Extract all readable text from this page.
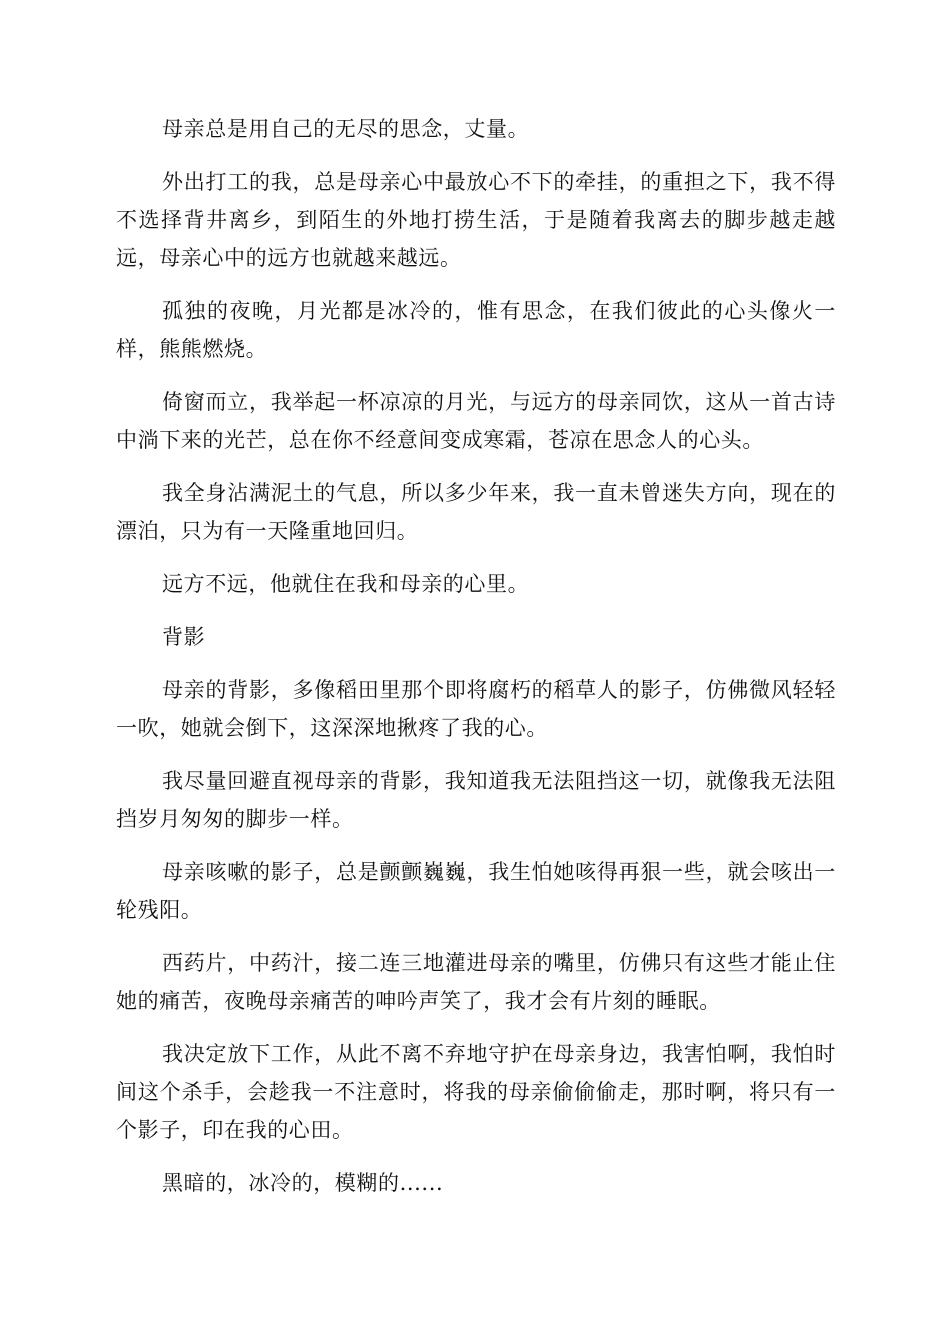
母亲总是用自己的无尽的思念，丈量。

外出打工的我，总是母亲心中最放心不下的牵挂，的重担之下，我不得不选择背井离乡，到陌生的外地打捞生活，于是随着我离去的脚步越走越远，母亲心中的远方也就越来越远。

孤独的夜晚，月光都是冰冷的，惟有思念，在我们彼此的心头像火一样，熊熊燃烧。

倚窗而立，我举起一杯凉凉的月光，与远方的母亲同饮，这从一首古诗中淌下来的光芒，总在你不经意间变成寒霜，苍凉在思念人的心头。

我全身沾满泥土的气息，所以多少年来，我一直未曾迷失方向，现在的漂泊，只为有一天隆重地回归。

远方不远，他就住在我和母亲的心里。

背影

母亲的背影，多像稻田里那个即将腐朽的稻草人的影子，仿佛微风轻轻一吹，她就会倒下，这深深地揪疼了我的心。

我尽量回避直视母亲的背影，我知道我无法阻挡这一切，就像我无法阻挡岁月匆匆的脚步一样。

母亲咳嗽的影子，总是颤颤巍巍，我生怕她咳得再狠一些，就会咳出一轮残阳。

西药片，中药汁，接二连三地灌进母亲的嘴里，仿佛只有这些才能止住她的痛苦，夜晚母亲痛苦的呻吟声笑了，我才会有片刻的睡眠。

我决定放下工作，从此不离不弃地守护在母亲身边，我害怕啊，我怕时间这个杀手，会趁我一不注意时，将我的母亲偷偷偷走，那时啊，将只有一个影子，印在我的心田。

黑暗的，冰冷的，模糊的......
